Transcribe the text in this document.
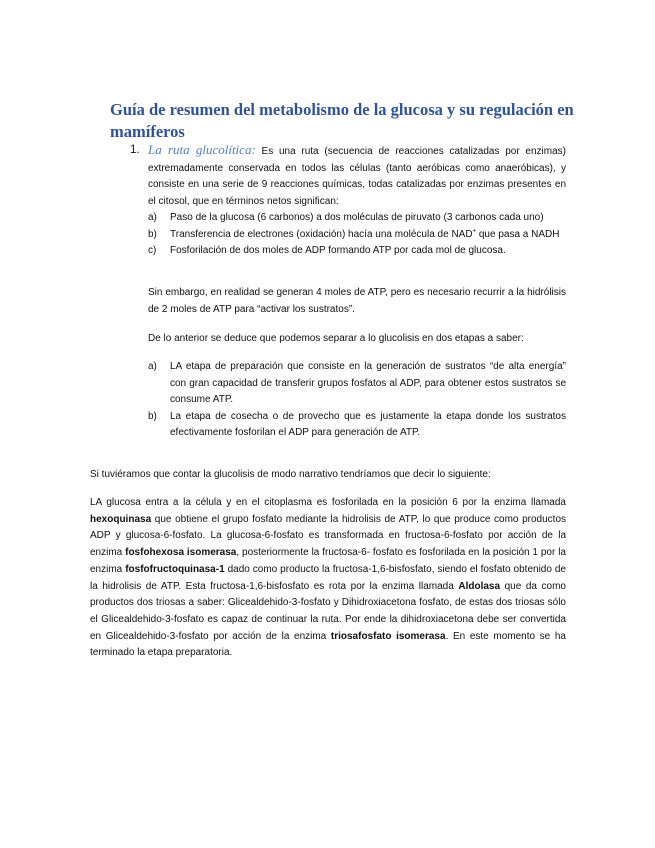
Guía de resumen del metabolismo de la glucosa y su regulación en mamíferos
1. La ruta glucolítica: Es una ruta (secuencia de reacciones catalizadas por enzimas) extremadamente conservada en todos las células (tanto aeróbicas como anaeróbicas), y consiste en una serie de 9 reacciones químicas, todas catalizadas por enzimas presentes en el citosol, que en términos netos significan:

a) Paso de la glucosa (6 carbonos) a dos moléculas de piruvato (3 carbonos cada uno)
b) Transferencia de electrones (oxidación) hacía una molécula de NAD+ que pasa a NADH
c) Fosforilación de dos moles de ADP formando ATP por cada mol de glucosa.

Sin embargo, en realidad se generan 4 moles de ATP, pero es necesario recurrir a la hidrólisis de 2 moles de ATP para “activar los sustratos”.

De lo anterior se deduce que podemos separar a lo glucolisis en dos etapas a saber:

a) LA etapa de preparación que consiste en la generación de sustratos “de alta energía” con gran capacidad de transferir grupos fosfatos al ADP, para obtener estos sustratos se consume ATP.
b) La etapa de cosecha o de provecho que es justamente la etapa donde los sustratos efectivamente fosforilan el ADP para generación de ATP.

Si tuviéramos que contar la glucolisis de modo narrativo tendríamos que decir lo siguiente:

LA glucosa entra a la célula y en el citoplasma es fosforilada en la posición 6 por la enzima llamada hexoquinasa que obtiene el grupo fosfato mediante la hidrolisis de ATP, lo que produce como productos ADP y glucosa-6-fosfato. La glucosa-6-fosfato es transformada en fructosa-6-fosfato por acción de la enzima fosfohexosa isomerasa, posteriormente la fructosa-6- fosfato es fosforilada en la posición 1 por la enzima fosfofructoquinasa-1 dado como producto la fructosa-1,6-bisfosfato, siendo el fosfato obtenido de la hidrolisis de ATP. Esta fructosa-1,6-bisfosfato es rota por la enzima llamada Aldolasa que da como productos dos triosas a saber: Glicealdehido-3-fosfato y Dihidroxiacetona fosfato, de estas dos triosas sólo el Glicealdehido-3-fosfato es capaz de continuar la ruta. Por ende la dihidroxiacetona debe ser convertida en Glicealdehido-3-fosfato por acción de la enzima triosafosfato isomerasa. En este momento se ha terminado la etapa preparatoria.
